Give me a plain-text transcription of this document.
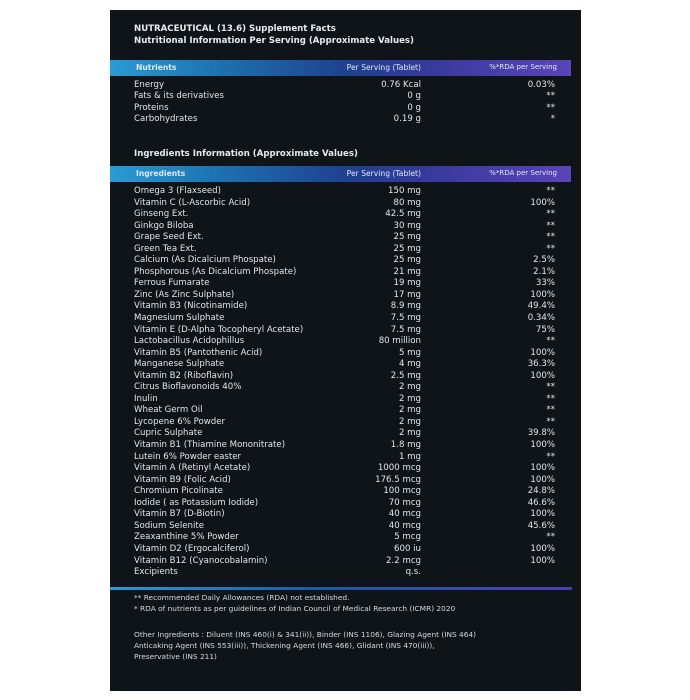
NUTRACEUTICAL (13.6) Supplement Facts
Nutritional Information Per Serving (Approximate Values)
Nutrients	Per Serving (Tablet)	%*RDA per Serving
Energy	0.76 Kcal	0.03%
Fats & its derivatives	0 g	**
Proteins	0 g	**
Carbohydrates	0.19 g	*
Ingredients Information (Approximate Values)
Ingredients	Per Serving (Tablet)	%*RDA per Serving
Omega 3 (Flaxseed)	150 mg	**
Vitamin C (L-Ascorbic Acid)	80 mg	100%
Ginseng Ext.	42.5 mg	**
Ginkgo Biloba	30 mg	**
Grape Seed Ext.	25 mg	**
Green Tea Ext.	25 mg	**
Calcium (As Dicalcium Phospate)	25 mg	2.5%
Phosphorous (As Dicalcium Phospate)	21 mg	2.1%
Ferrous Fumarate	19 mg	33%
Zinc (As Zinc Sulphate)	17 mg	100%
Vitamin B3 (Nicotinamide)	8.9 mg	49.4%
Magnesium Sulphate	7.5 mg	0.34%
Vitamin E (D-Alpha Tocopheryl Acetate)	7.5 mg	75%
Lactobacillus Acidophillus	80 million	**
Vitamin B5 (Pantothenic Acid)	5 mg	100%
Manganese Sulphate	4 mg	36.3%
Vitamin B2 (Riboflavin)	2.5 mg	100%
Citrus Bioflavonoids 40%	2 mg	**
Inulin	2 mg	**
Wheat Germ Oil	2 mg	**
Lycopene 6% Powder	2 mg	**
Cupric Sulphate	2 mg	39.8%
Vitamin B1 (Thiamine Mononitrate)	1.8 mg	100%
Lutein 6% Powder easter	1 mg	**
Vitamin A (Retinyl Acetate)	1000 mcg	100%
Vitamin B9 (Folic Acid)	176.5 mcg	100%
Chromium Picolinate	100 mcg	24.8%
Iodide ( as Potassium Iodide)	70 mcg	46.6%
Vitamin B7 (D-Biotin)	40 mcg	100%
Sodium Selenite	40 mcg	45.6%
Zeaxanthine 5% Powder	5 mcg	**
Vitamin D2 (Ergocalciferol)	600 iu	100%
Vitamin B12 (Cyanocobalamin)	2.2 mcg	100%
Excipients	q.s.
** Recommended Daily Allowances (RDA) not established.
* RDA of nutrients as per guidelines of Indian Council of Medical Research (ICMR) 2020
Other Ingredients : Diluent (INS 460(i) & 341(ii)), Binder (INS 1106), Glazing Agent (INS 464)
Anticaking Agent (INS 553(iii)), Thickening Agent (INS 466), Glidant (INS 470(iii)),
Preservative (INS 211)
